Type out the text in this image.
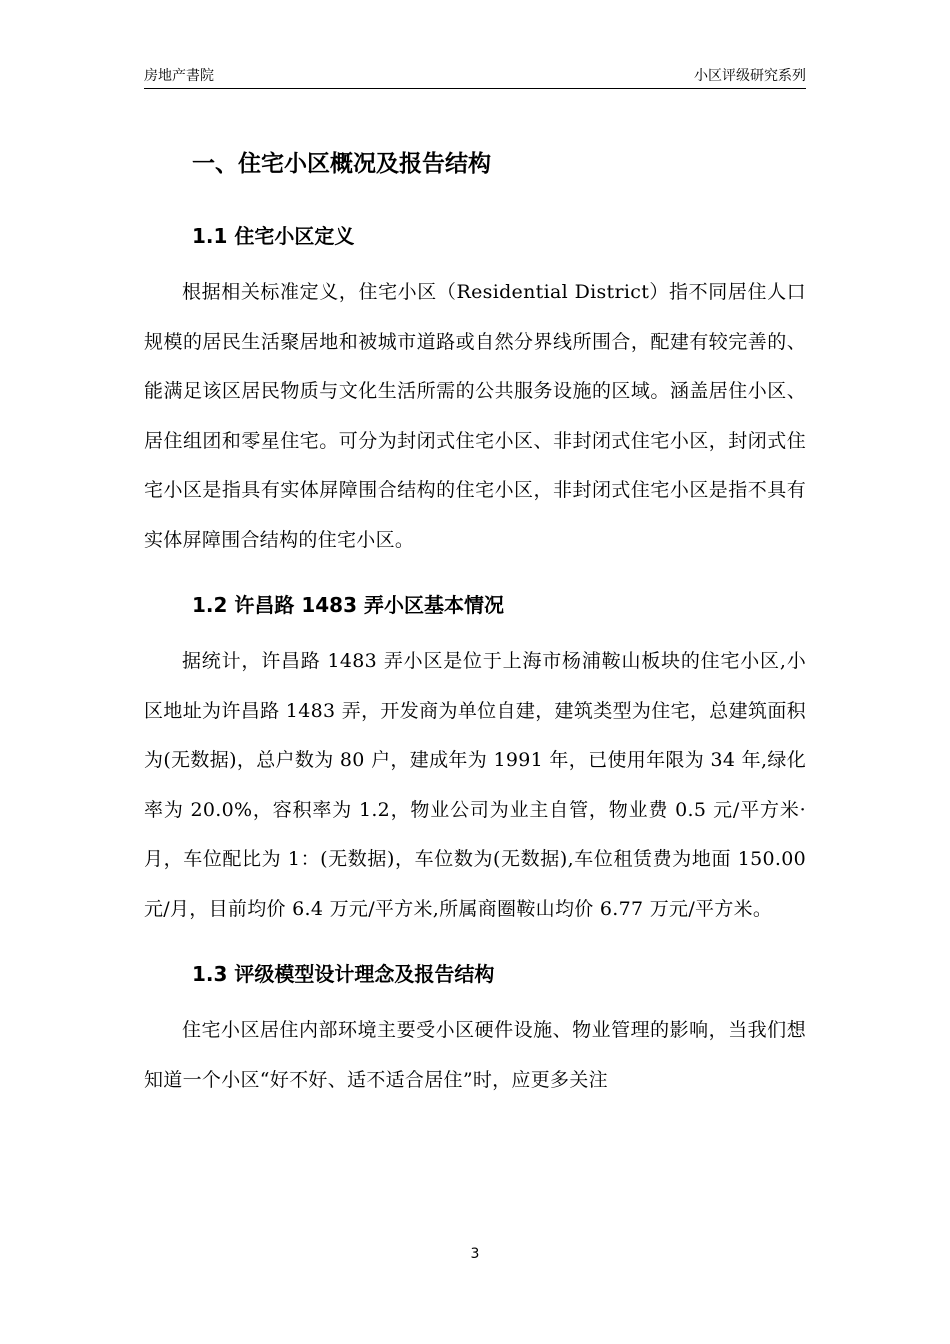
房地产書院	小区评级研究系列
一、住宅小区概况及报告结构
1.1 住宅小区定义

根据相关标准定义，住宅小区（Residential District）指不同居住人口规模的居民生活聚居地和被城市道路或自然分界线所围合，配建有较完善的、能满足该区居民物质与文化生活所需的公共服务设施的区域。涵盖居住小区、居住组团和零星住宅。可分为封闭式住宅小区、非封闭式住宅小区，封闭式住宅小区是指具有实体屏障围合结构的住宅小区，非封闭式住宅小区是指不具有实体屏障围合结构的住宅小区。

1.2 许昌路 1483 弄小区基本情况

据统计，许昌路 1483 弄小区是位于上海市杨浦鞍山板块的住宅小区,小区地址为许昌路 1483 弄，开发商为单位自建，建筑类型为住宅，总建筑面积为(无数据)，总户数为 80 户，建成年为 1991 年，已使用年限为 34 年,绿化率为 20.0%，容积率为 1.2，物业公司为业主自管，物业费 0.5 元/平方米·月，车位配比为 1：(无数据)，车位数为(无数据),车位租赁费为地面 150.00 元/月，目前均价 6.4 万元/平方米,所属商圈鞍山均价 6.77 万元/平方米。

1.3 评级模型设计理念及报告结构

住宅小区居住内部环境主要受小区硬件设施、物业管理的影响，当我们想知道一个小区“好不好、适不适合居住”时，应更多关注

3
